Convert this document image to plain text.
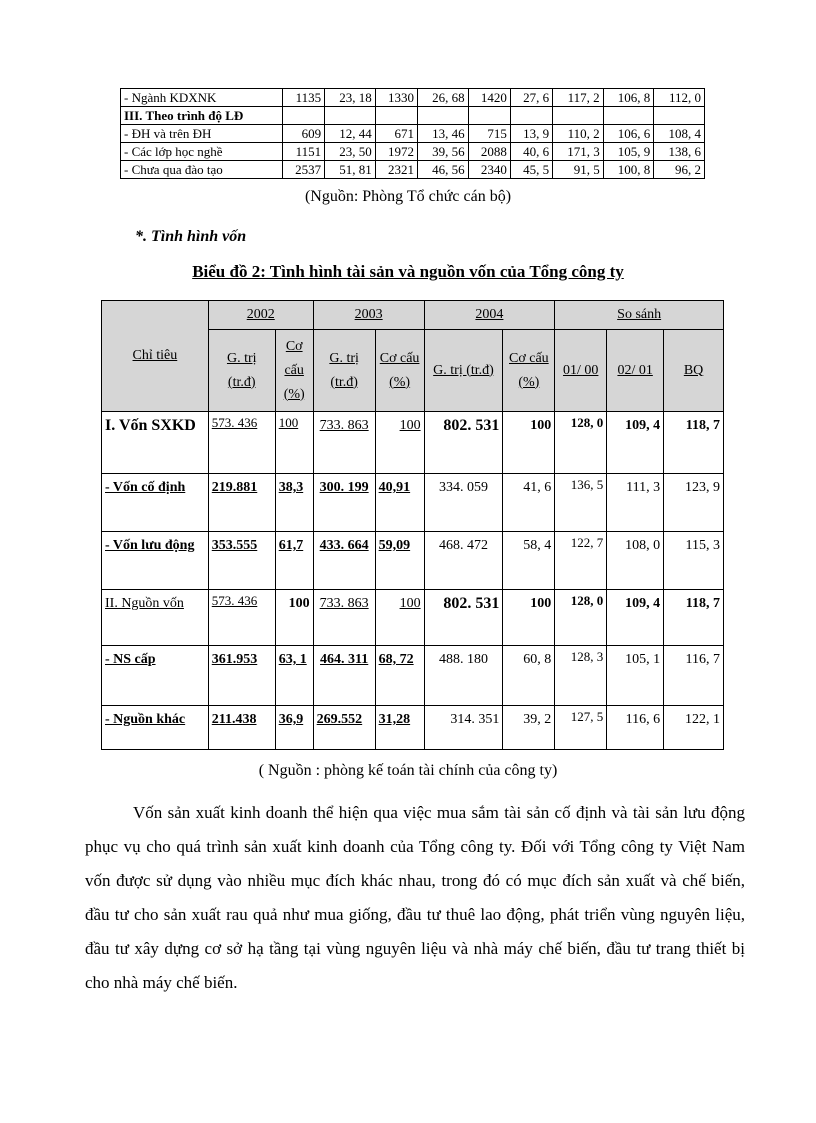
- Ngành KDXNK	1135	23, 18	1330	26, 68	1420	27, 6	117, 2	106, 8	112, 0
III. Theo trình độ LĐ									
- ĐH và trên ĐH	609	12, 44	671	13, 46	715	13, 9	110, 2	106, 6	108, 4
- Các lớp học nghề	1151	23, 50	1972	39, 56	2088	40, 6	171, 3	105, 9	138, 6
- Chưa qua đào tạo	2537	51, 81	2321	46, 56	2340	45, 5	91, 5	100, 8	96, 2
(Nguồn: Phòng Tổ chức cán bộ)
*. Tình hình vốn
Biểu đồ 2: Tình hình tài sản và nguồn vốn của Tổng công ty
Chỉ tiêu	2002		2003		2004		So sánh		
	G. trị (tr.đ)	Cơ cấu (%)	G. trị (tr.đ)	Cơ cấu (%)	G. trị (tr.đ)	Cơ cấu (%)	01/ 00	02/ 01	BQ
I. Vốn SXKD	573. 436	100	733. 863	100	802. 531	100	128, 0	109, 4	118, 7
- Vốn cố định	219.881	38,3	300. 199	40,91	334. 059	41, 6	136, 5	111, 3	123, 9
- Vốn lưu động	353.555	61,7	433. 664	59,09	468. 472	58, 4	122, 7	108, 0	115, 3
II. Nguồn vốn	573. 436	100	733. 863	100	802. 531	100	128, 0	109, 4	118, 7
- NS cấp	361.953	63, 1	464. 311	68, 72	488. 180	60, 8	128, 3	105, 1	116, 7
- Nguồn khác	211.438	36,9	269.552	31,28	314. 351	39, 2	127, 5	116, 6	122, 1
( Nguồn : phòng kế toán tài chính của công ty)

Vốn sản xuất kinh doanh thể hiện qua việc mua sắm tài sản cố định và tài sản lưu động phục vụ cho quá trình sản xuất kinh doanh của Tổng công ty. Đối với Tổng công ty Việt Nam vốn được sử dụng vào nhiều mục đích khác nhau, trong đó có mục đích sản xuất và chế biến, đầu tư cho sản xuất rau quả như mua giống, đầu tư thuê lao động, phát triển vùng nguyên liệu, đầu tư xây dựng cơ sở hạ tầng tại vùng nguyên liệu và nhà máy chế biến, đầu tư trang thiết bị cho nhà máy chế biến.
